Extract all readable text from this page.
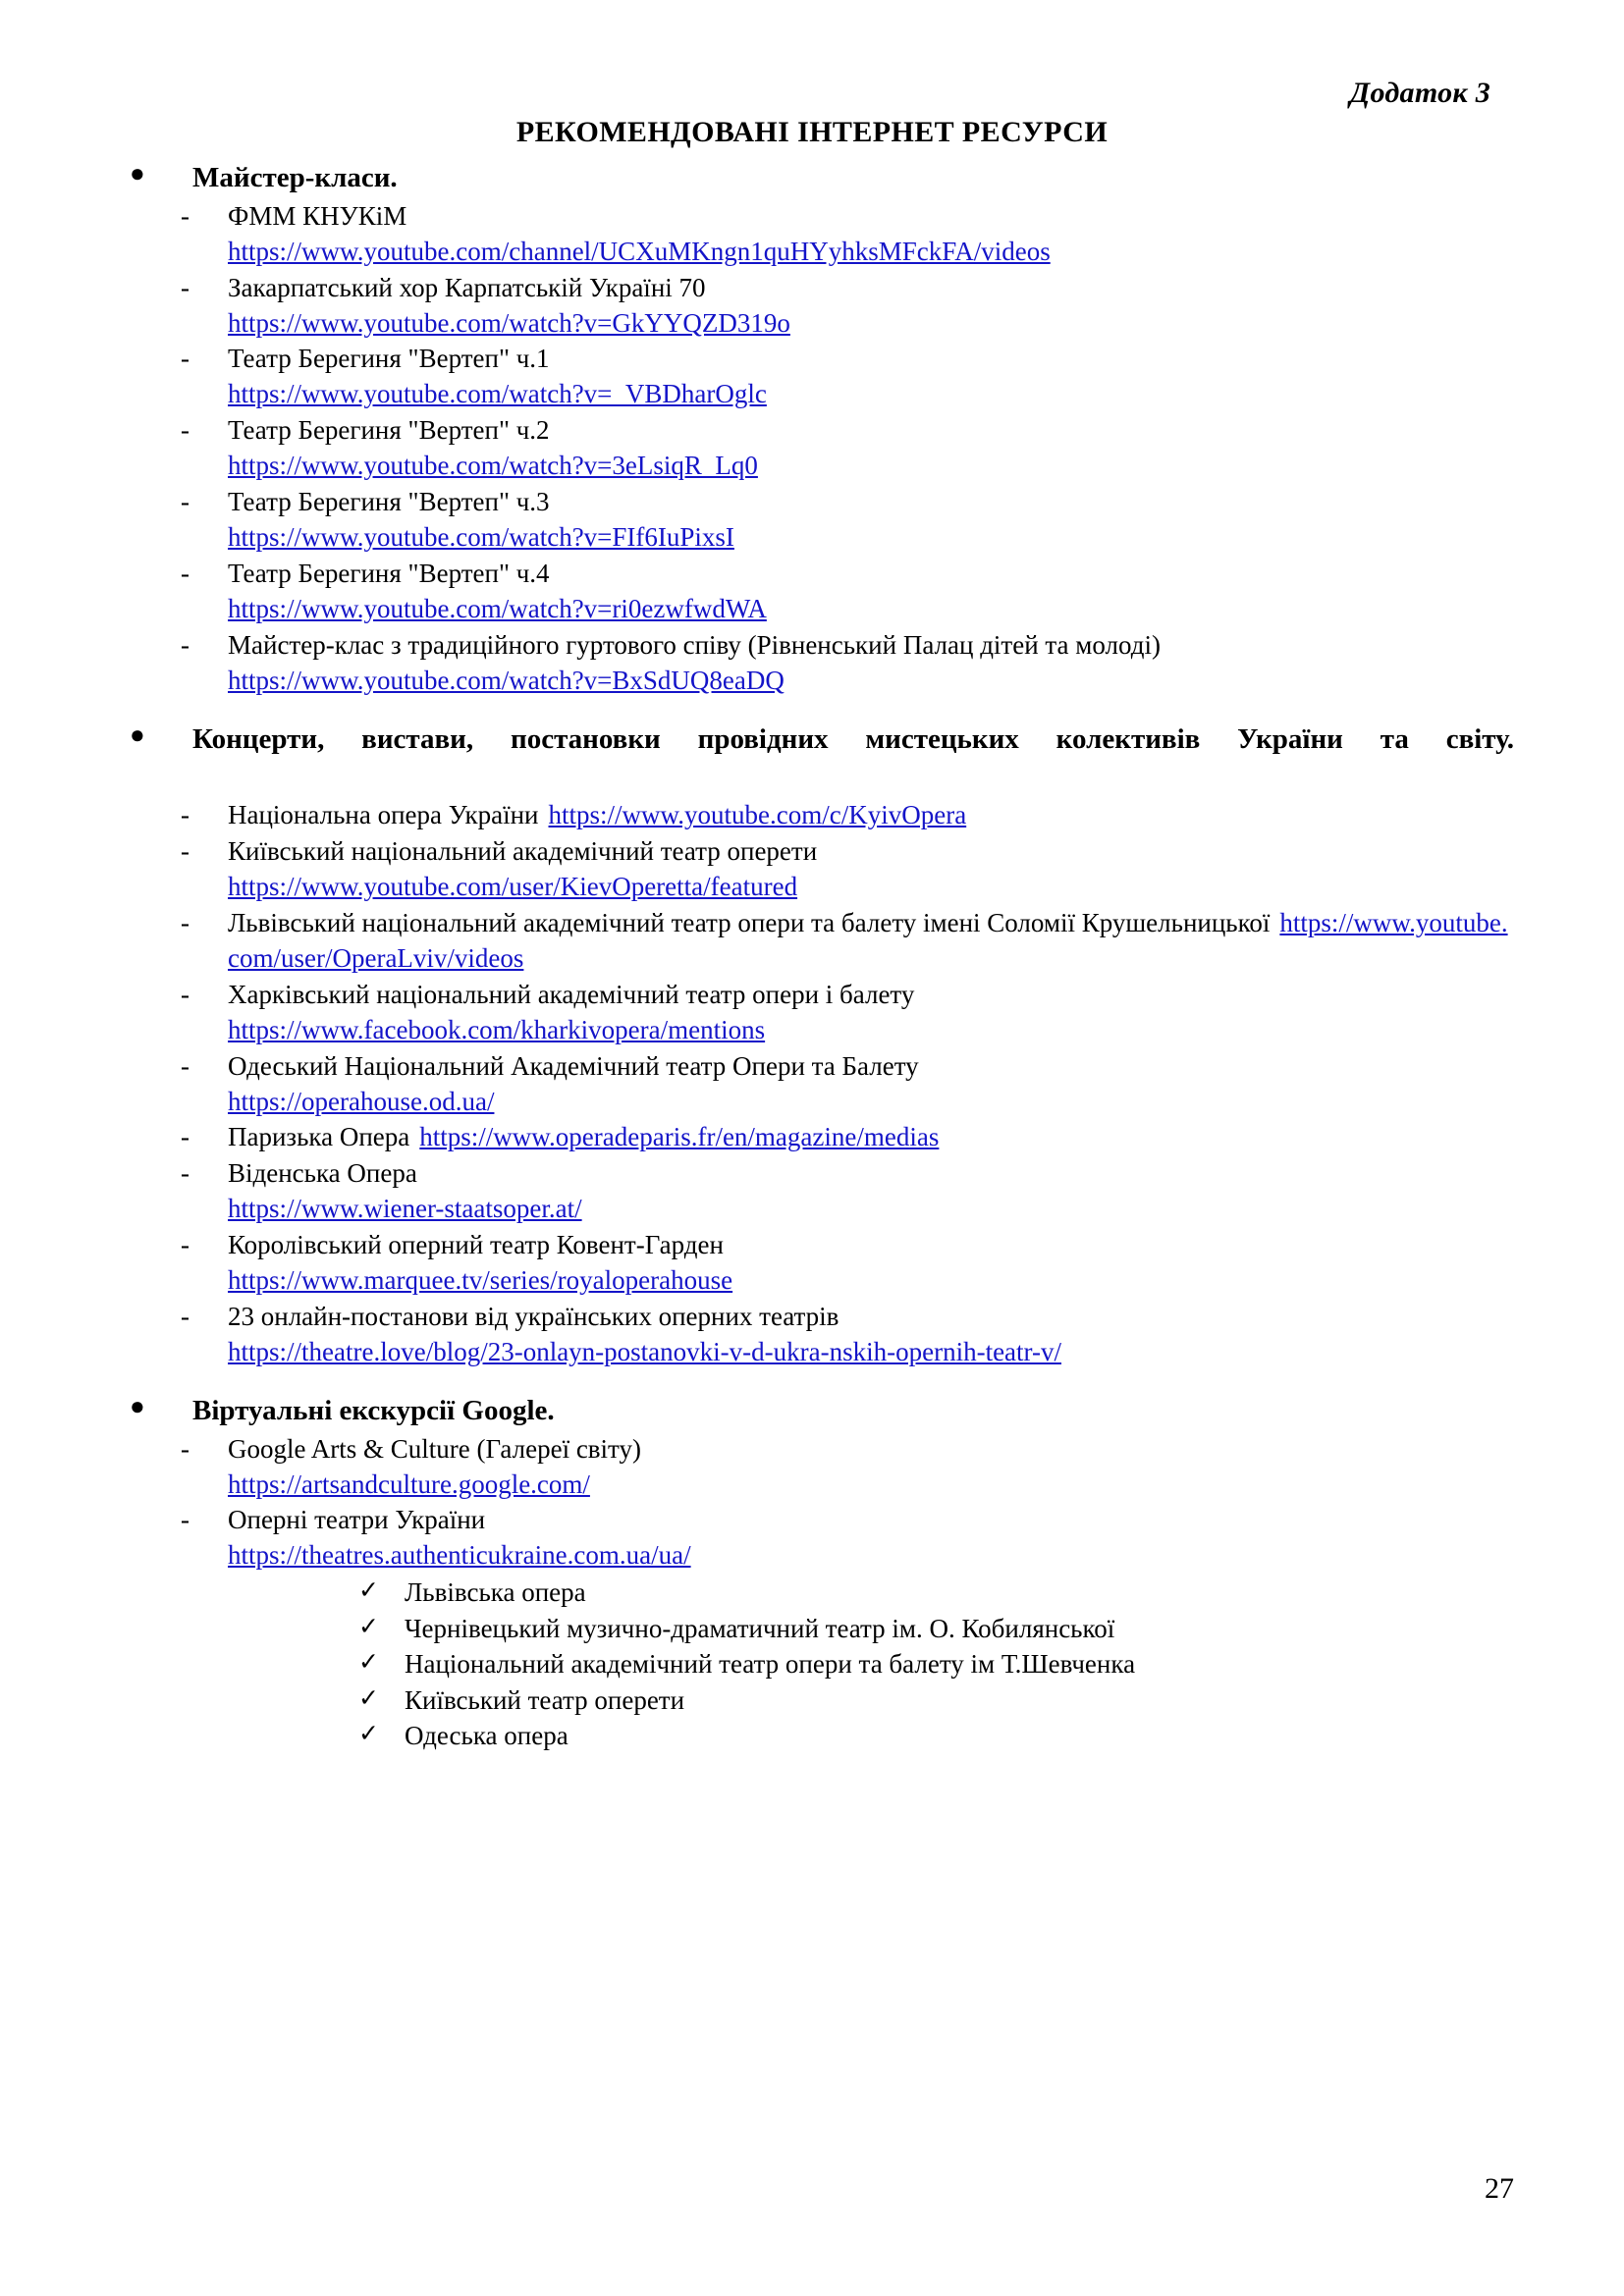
Додаток 3
РЕКОМЕНДОВАНІ ІНТЕРНЕТ РЕСУРСИ
● Майстер-класи.
- ФММ КНУКіМ
https://www.youtube.com/channel/UCXuMKngn1quHYyhksMFckFA/videos
- Закарпатський хор Карпатській Україні 70
https://www.youtube.com/watch?v=GkYYQZD319o
- Театр Берегиня "Вертеп" ч.1
https://www.youtube.com/watch?v=_VBDharOglc
- Театр Берегиня "Вертеп" ч.2
https://www.youtube.com/watch?v=3eLsiqR_Lq0
- Театр Берегиня "Вертеп" ч.3
https://www.youtube.com/watch?v=FIf6IuPixsI
- Театр Берегиня "Вертеп" ч.4
https://www.youtube.com/watch?v=ri0ezwfwdWA
- Майстер-клас з традиційного гуртового співу (Рівненський Палац дітей та молоді)
https://www.youtube.com/watch?v=BxSdUQ8eaDQ
●	Концерти, вистави, постановки провідних мистецьких колективів України та світу.
- Національна опера України https://www.youtube.com/c/KyivOpera
- Київський національний академічний театр оперети
https://www.youtube.com/user/KievOperetta/featured
- Львівський національний академічний театр опери та балету імені Соломії Крушельницької https://www.youtube.com/user/OperaLviv/videos
- Харківський національний академічний театр опери і балету
https://www.facebook.com/kharkivopera/mentions
- Одеський Національний Академічний театр Опери та Балету
https://operahouse.od.ua/
- Паризька Опера https://www.operadeparis.fr/en/magazine/medias
- Віденська Опера
https://www.wiener-staatsoper.at/
- Королівський оперний театр Ковент-Гарден
https://www.marquee.tv/series/royaloperahouse
- 23 онлайн-постанови від українських оперних театрів
https://theatre.love/blog/23-onlayn-postanovki-v-d-ukra-nskih-opernih-teatr-v/
● Віртуальні екскурсії Google.
- Google Arts & Culture (Галереї світу)
https://artsandculture.google.com/
- Оперні театри України
https://theatres.authenticukraine.com.ua/ua/
✓ Львівська опера
✓ Чернівецький музично-драматичний театр ім. О. Кобилянської
✓ Національний академічний театр опери та балету ім Т.Шевченка
✓ Київський театр оперети
✓ Одеська опера
27
